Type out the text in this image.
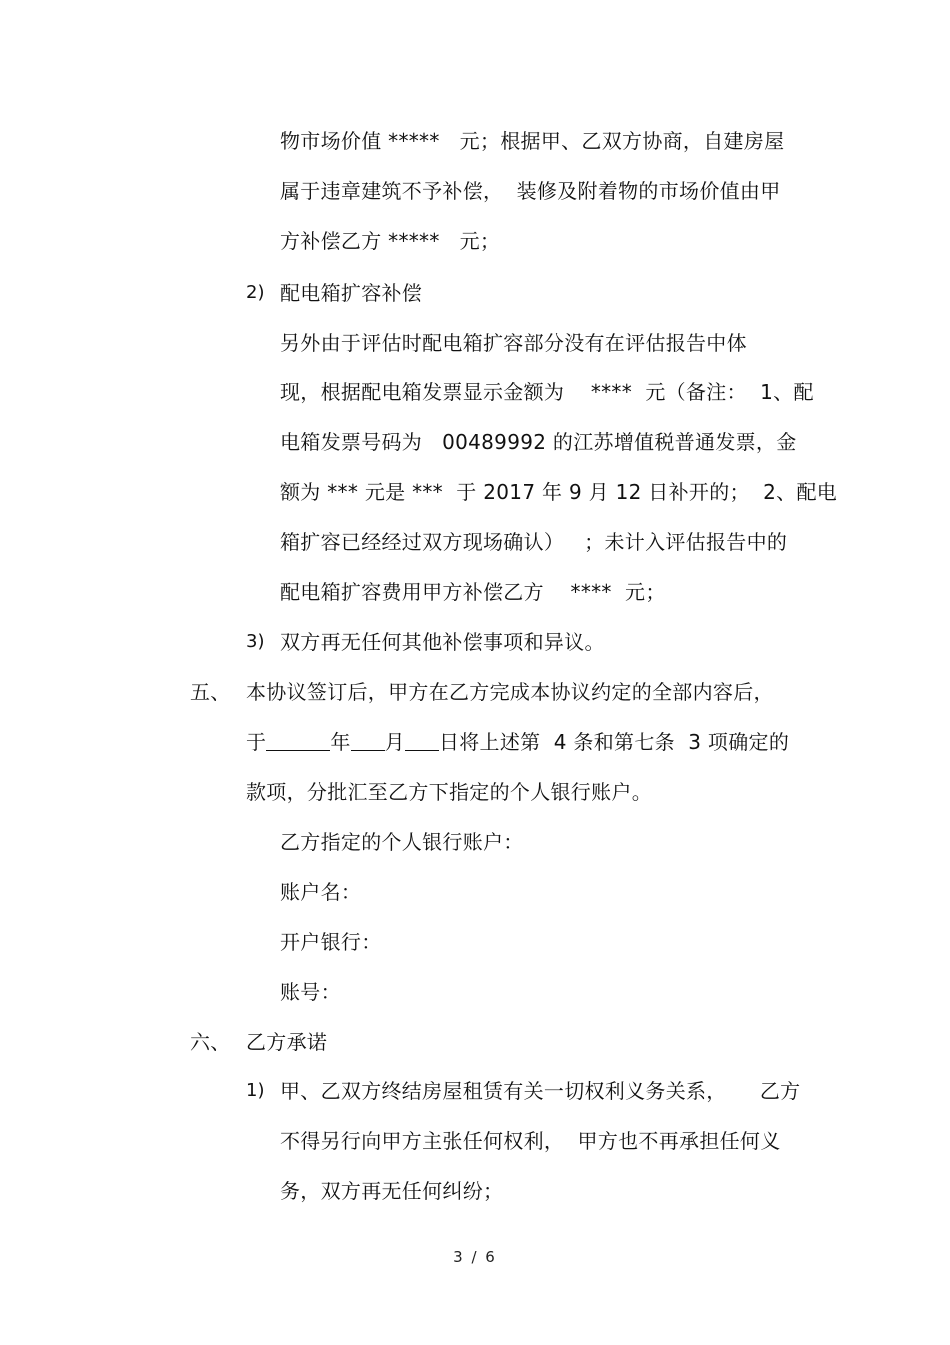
物市场价值 *****   元；根据甲、乙双方协商，自建房屋
属于违章建筑不予补偿，  装修及附着物的市场价值由甲
方补偿乙方 *****   元；
2) 配电箱扩容补偿
另外由于评估时配电箱扩容部分没有在评估报告中体
现，根据配电箱发票显示金额为    ****  元（备注：  1、配
电箱发票号码为   00489992 的江苏增值税普通发票，金
额为 *** 元是 ***  于 2017 年 9 月 12 日补开的；  2、配电
箱扩容已经经过双方现场确认）   ；未计入评估报告中的
配电箱扩容费用甲方补偿乙方    ****  元；
3) 双方再无任何其他补偿事项和异议。
五、 本协议签订后，甲方在乙方完成本协议约定的全部内容后，
于	年 月 日将上述第  4 条和第七条  3 项确定的
款项，分批汇至乙方下指定的个人银行账户。
乙方指定的个人银行账户：
账户名：
开户银行：
账号：
六、 乙方承诺
1) 甲、乙双方终结房屋租赁有关一切权利义务关系，     乙方
不得另行向甲方主张任何权利，  甲方也不再承担任何义
务，双方再无任何纠纷；
3 / 6
